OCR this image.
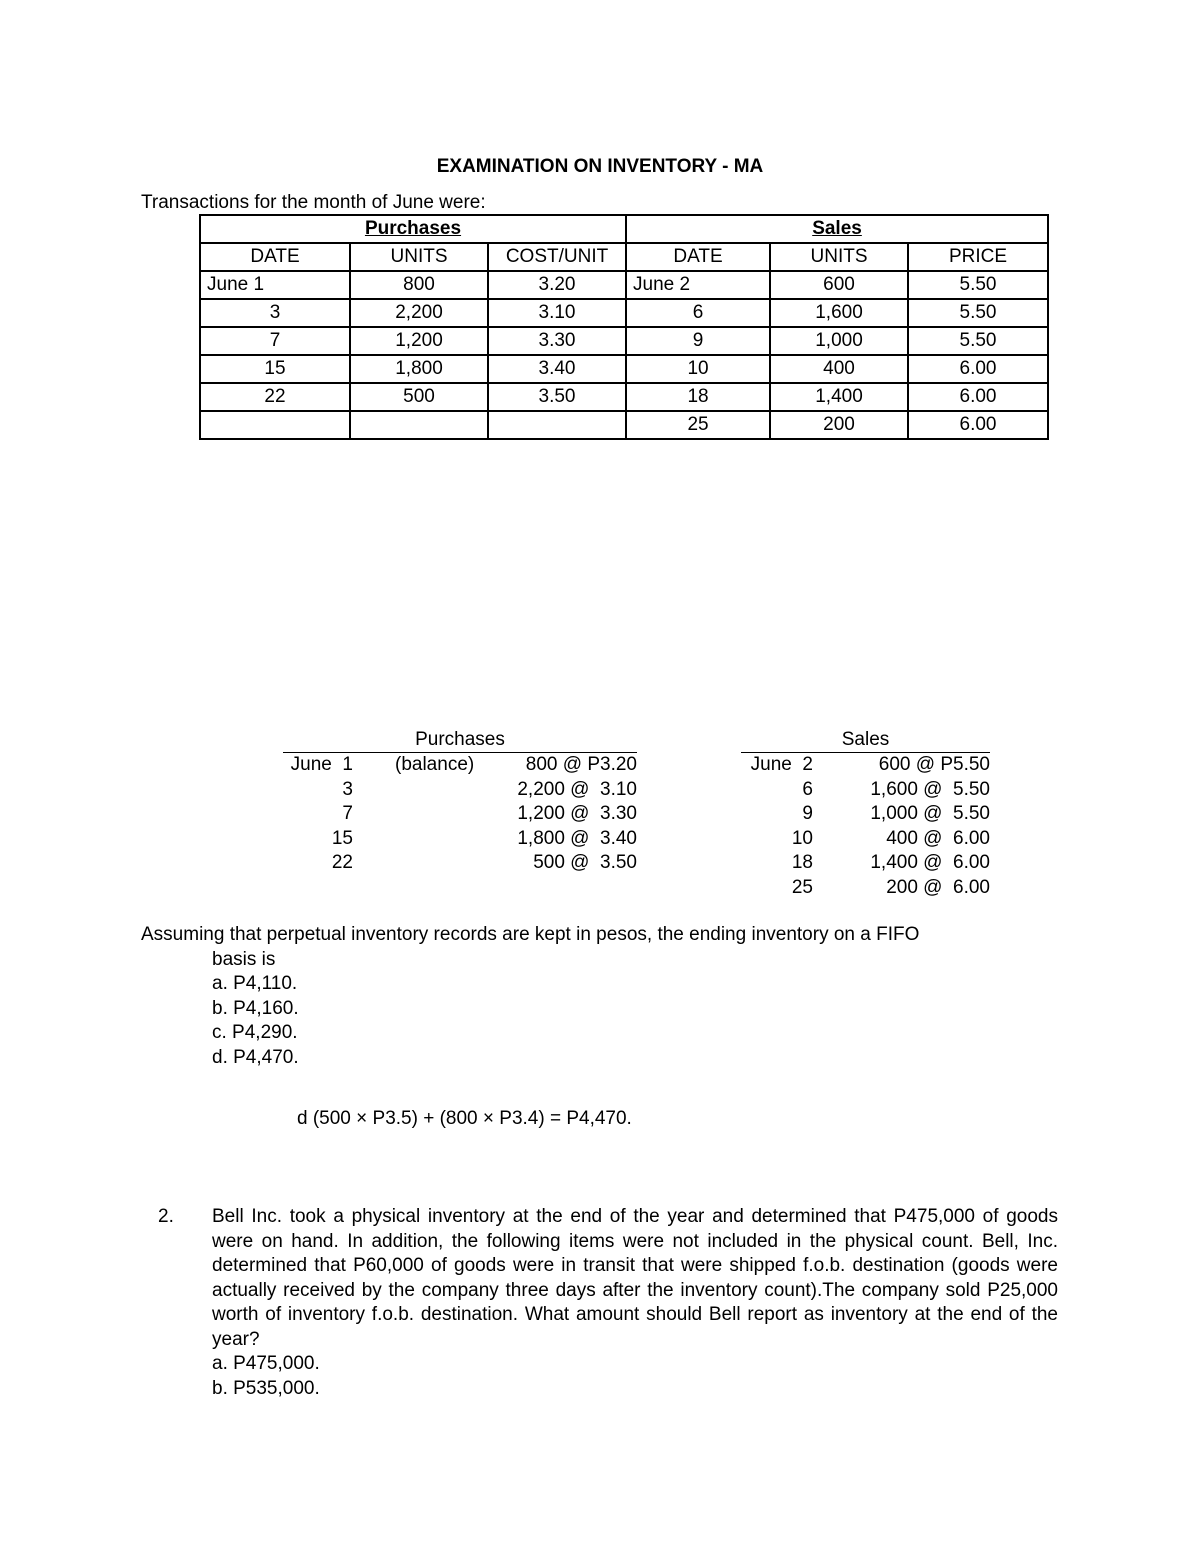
EXAMINATION ON INVENTORY - MA
Transactions for the month of June were:
Purchases			Sales		
DATE	UNITS	COST/UNIT	DATE	UNITS	PRICE
June 1	800	3.20	June 2	600	5.50
3	2,200	3.10	6	1,600	5.50
7	1,200	3.30	9	1,000	5.50
15	1,800	3.40	10	400	6.00
22	500	3.50	18	1,400	6.00
			25	200	6.00
Purchases
June  1 (balance)	800 @ P3.20
3	2,200 @  3.10
7	1,200 @  3.30
15	1,800 @  3.40
22	500 @  3.50
Sales
June  2	600 @ P5.50
6	1,600 @  5.50
9	1,000 @  5.50
10	400 @  6.00
18	1,400 @  6.00
25	200 @  6.00
Assuming that perpetual inventory records are kept in pesos, the ending inventory on a FIFO
basis is
a. P4,110.
b. P4,160.
c. P4,290.
d. P4,470.
d (500 × P3.5) + (800 × P3.4) = P4,470.
2. Bell Inc. took a physical inventory at the end of the year and determined that P475,000 of goods were on hand. In addition, the following items were not included in the physical count. Bell, Inc. determined that P60,000 of goods were in transit that were shipped f.o.b. destination (goods were actually received by the company three days after the inventory count).The company sold P25,000 worth of inventory f.o.b. destination. What amount should Bell report as inventory at the end of the year?
a. P475,000.
b. P535,000.
